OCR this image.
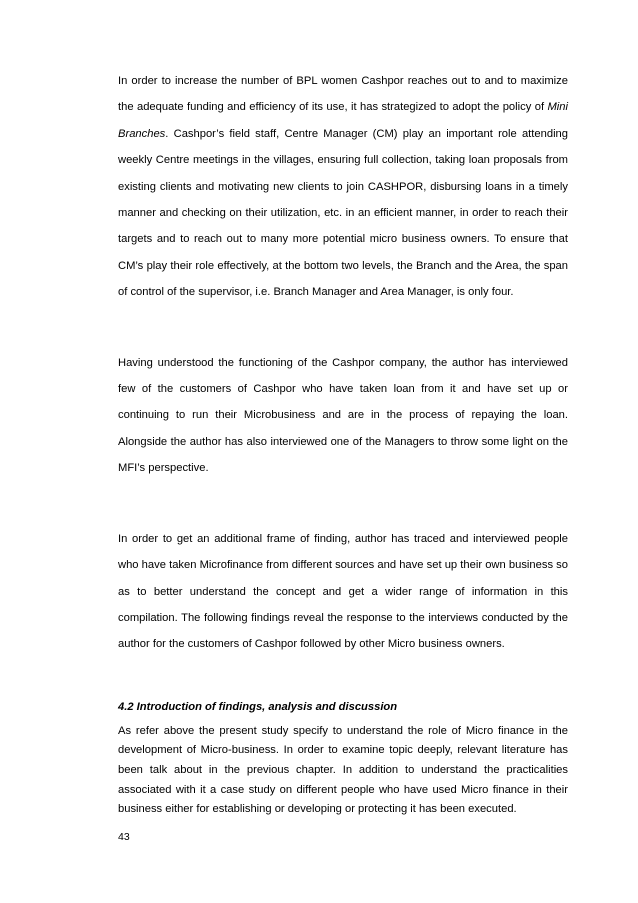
In order to increase the number of BPL women Cashpor reaches out to and to maximize the adequate funding and efficiency of its use, it has strategized to adopt the policy of Mini Branches. Cashpor’s field staff, Centre Manager (CM) play an important role attending weekly Centre meetings in the villages, ensuring full collection, taking loan proposals from existing clients and motivating new clients to join CASHPOR, disbursing loans in a timely manner and checking on their utilization, etc. in an efficient manner, in order to reach their targets and to reach out to many more potential micro business owners. To ensure that CM’s play their role effectively, at the bottom two levels, the Branch and the Area, the span of control of the supervisor, i.e. Branch Manager and Area Manager, is only four.

Having understood the functioning of the Cashpor company, the author has interviewed few of the customers of Cashpor who have taken loan from it and have set up or continuing to run their Microbusiness and are in the process of repaying the loan. Alongside the author has also interviewed one of the Managers to throw some light on the MFI’s perspective.

In order to get an additional frame of finding, author has traced and interviewed people who have taken Microfinance from different sources and have set up their own business so as to better understand the concept and get a wider range of information in this compilation. The following findings reveal the response to the interviews conducted by the author for the customers of Cashpor followed by other Micro business owners.

4.2 Introduction of findings, analysis and discussion

As refer above the present study specify to understand the role of Micro finance in the development of Micro-business. In order to examine topic deeply, relevant literature has been talk about in the previous chapter. In addition to understand the practicalities associated with it a case study on different people who have used Micro finance in their business either for establishing or developing or protecting it has been executed.

43
